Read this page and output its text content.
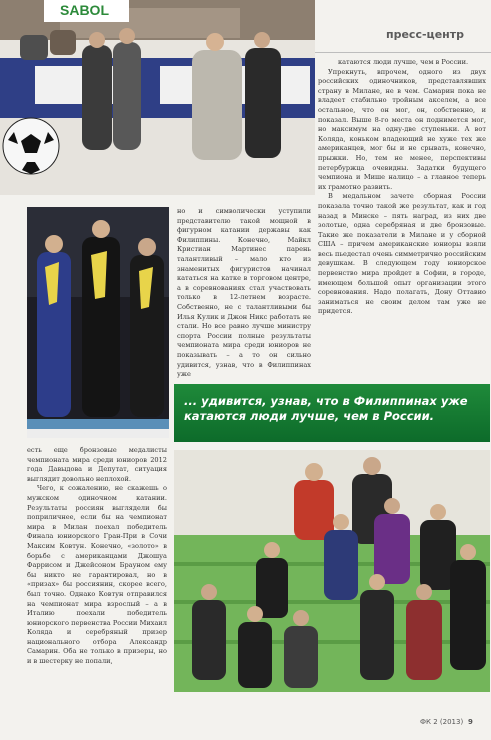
SABOL
пресс-центр

катаются люди лучше, чем в России.

Упрекнуть, впрочем, одного из двух российских одиночников, представлявших страну в Милане, не в чем. Самарин пока не владеет стабильно тройным акселем, а все остальное, что он мог, он, собственно, и показал. Выше 8-го места он поднимется мог, но максимум на одну-две ступеньки. А вот Коляда, коньком владеющий не хуже тех же американцев, мог бы и не срывать, конечно, прыжки. Но, тем не менее, перспективы петербуржца очевидны. Задатки будущего чемпиона и Мише налицо – а главное теперь их грамотно развить.

В медальном зачете сборная России показала точно такой же результат, как и год назад в Минске – пять наград, из них две золотые, одна серебряная и две бронзовые. Такие же показатели в Милане и у сборной США – причем американские юниоры взяли весь пьедестал очень симметрично российским девушкам. В следующем году юниорское первенство мира пройдет в Софии, в городе, имеющем большой опыт организации этого соревнования. Надо полагать, Дону Оттавио заниматься не своим делом там уже не придется.

но и символически уступили представителю такой мощной в фигурном катании державы как Филиппины. Конечно, Майкл Кристиан Мартинес парень талантливый – мало кто из знаменитых фигуристов начинал кататься на катке в торговом центре, а в соревнованиях стал участвовать только в 12-летнем возрасте. Собственно, не с талантливыми бы Илья Кулик и Джон Никс работать не стали. Но все равно лучше министру спорта России полные результаты чемпионата мира среди юниоров не показывать – а то он сильно удивится, узнав, что в Филиппинах уже

... удивится, узнав, что в Филиппинах уже катаются люди лучше, чем в России.

есть еще бронзовые медалисты чемпионата мира среди юниоров 2012 года Давыдова и Депутат, ситуация выглядит довольно неплохой.

Чего, к сожалению, не скажешь о мужском одиночном катании. Результаты россиян выглядели бы поприличнее, если бы на чемпионат мира в Милан поехал победитель Финала юниорского Гран-При в Сочи Максим Ковтун. Конечно, «золото» в борьбе с американцами Джошуа Фаррисом и Джейсоном Брауном ему бы никто не гарантировал, но в «призах» бы россиянин, скорее всего, был точно. Однако Ковтун отправился на чемпионат мира взрослый – а в Италию поехали победитель юниорского первенства России Михаил Коляда и серебряный призер национального отбора Александр Самарин. Оба не только в призеры, но и в шестерку не попали,

ФК 2 (2013) 9
